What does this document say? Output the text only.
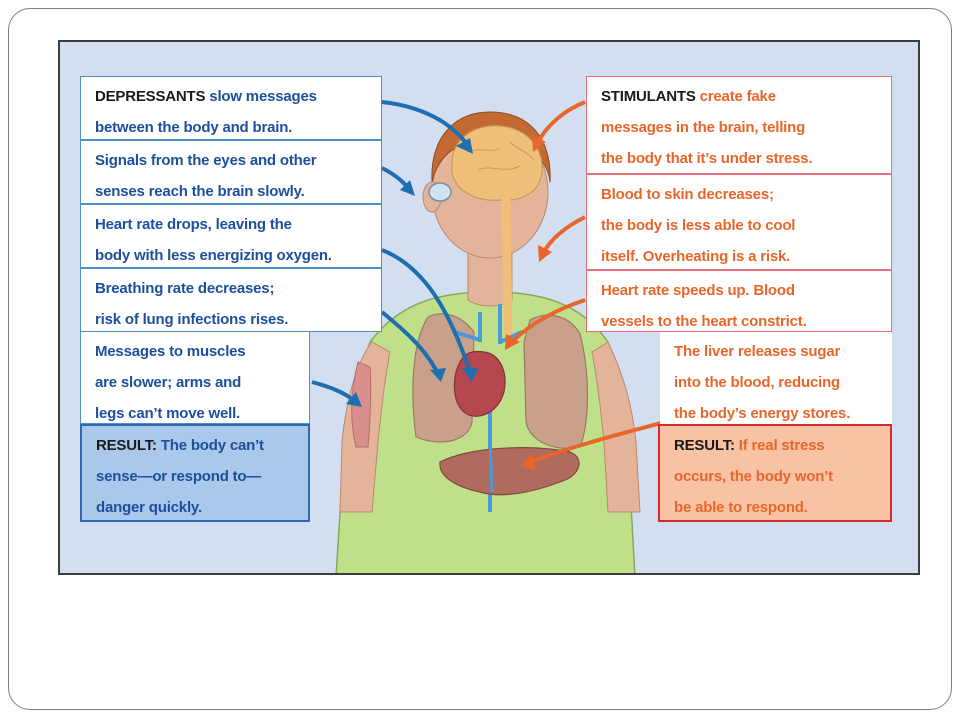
DEPRESSANTS slow messages
between the body and brain.
Signals from the eyes and other
senses reach the brain slowly.
Heart rate drops, leaving the
body with less energizing oxygen.
Breathing rate decreases;
risk of lung infections rises.
Messages to muscles
are slower; arms and
legs can’t move well.
RESULT: The body can’t
sense—or respond to—
danger quickly.
STIMULANTS create fake
messages in the brain, telling
the body that it’s under stress.
Blood to skin decreases;
the body is less able to cool
itself. Overheating is a risk.
Heart rate speeds up. Blood
vessels to the heart constrict.
The liver releases sugar
into the blood, reducing
the body’s energy stores.
RESULT: If real stress
occurs, the body won’t
be able to respond.
